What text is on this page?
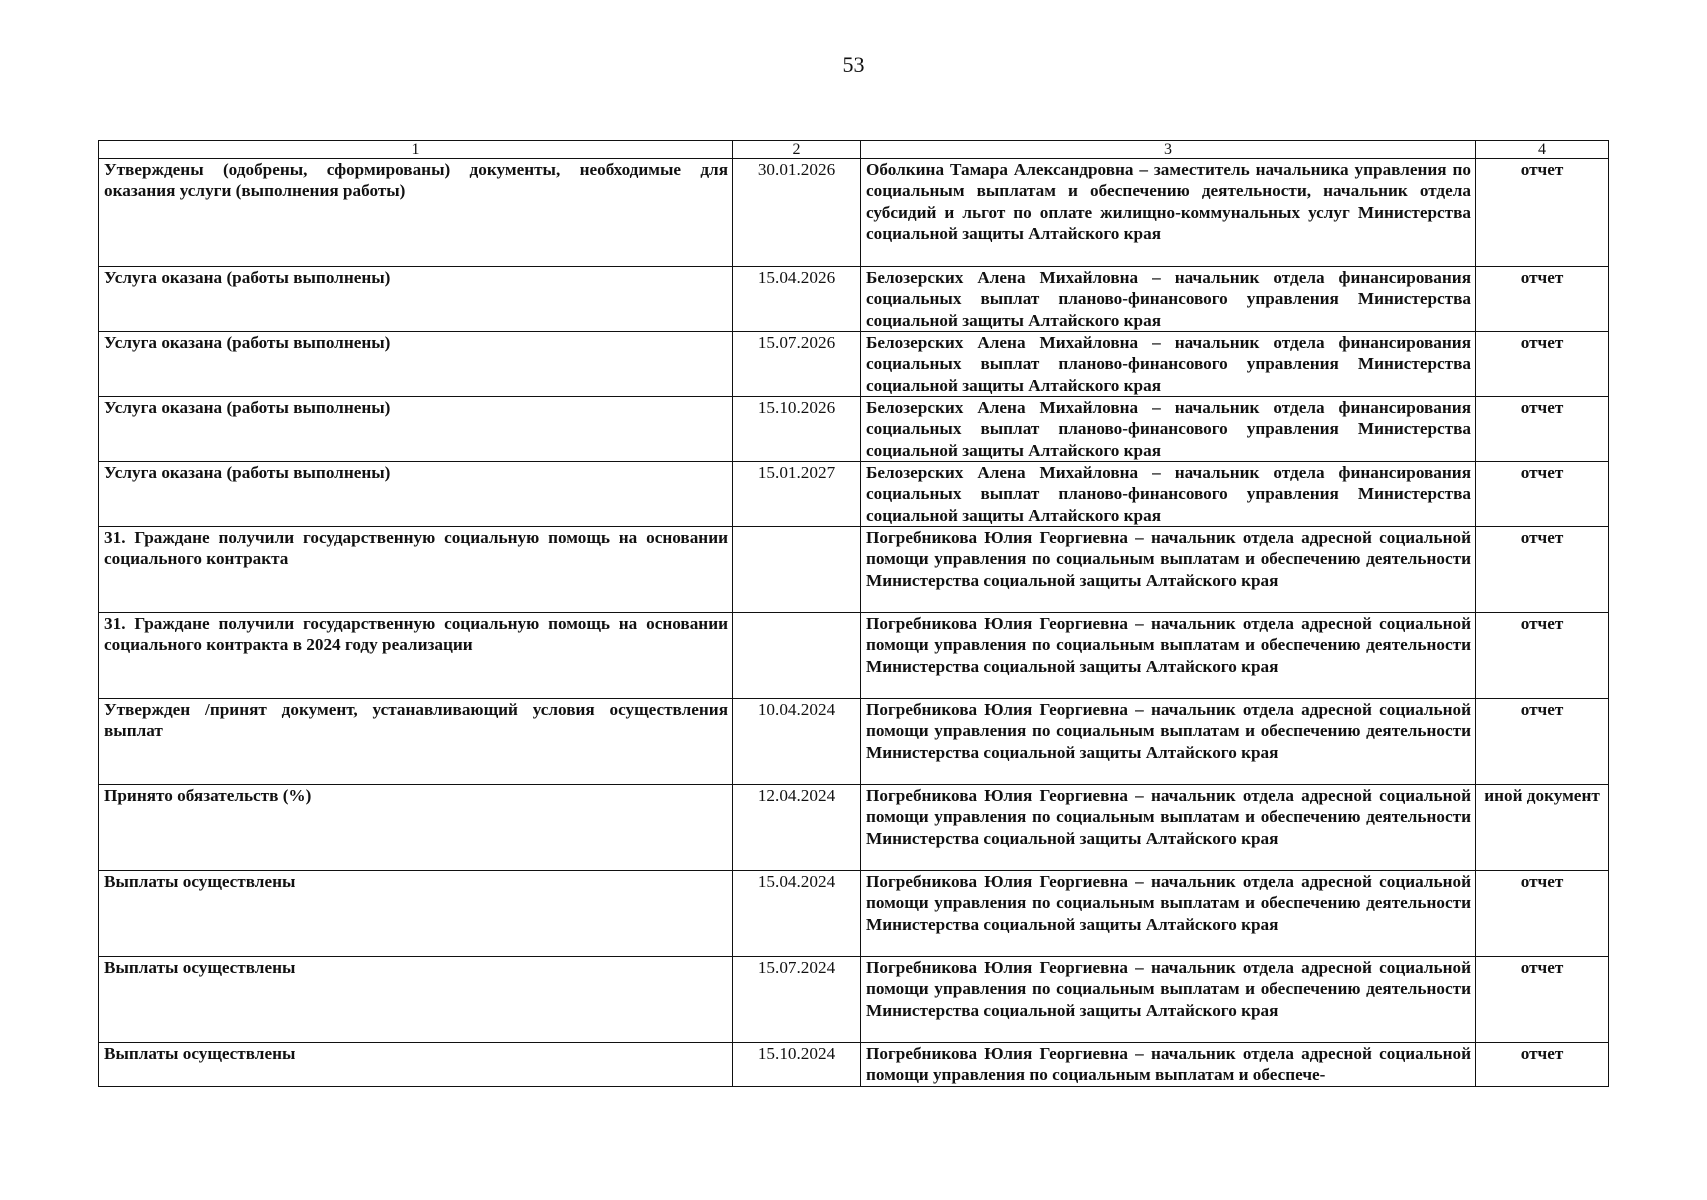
53
1	2	3	4
Утверждены (одобрены, сформированы) документы, необходимые для оказания услуги (выполнения работы)	30.01.2026	Оболкина Тамара Александровна – заместитель начальника управления по социальным выплатам и обеспечению деятельности, начальник отдела субсидий и льгот по оплате жилищно-коммунальных услуг Министерства социальной защиты Алтайского края	отчет
Услуга оказана (работы выполнены)	15.04.2026	Белозерских Алена Михайловна – начальник отдела финансирования социальных выплат планово-финансового управления Министерства социальной защиты Алтайского края	отчет
Услуга оказана (работы выполнены)	15.07.2026	Белозерских Алена Михайловна – начальник отдела финансирования социальных выплат планово-финансового управления Министерства социальной защиты Алтайского края	отчет
Услуга оказана (работы выполнены)	15.10.2026	Белозерских Алена Михайловна – начальник отдела финансирования социальных выплат планово-финансового управления Министерства социальной защиты Алтайского края	отчет
Услуга оказана (работы выполнены)	15.01.2027	Белозерских Алена Михайловна – начальник отдела финансирования социальных выплат планово-финансового управления Министерства социальной защиты Алтайского края	отчет
31. Граждане получили государственную социальную помощь на основании социального контракта		Погребникова Юлия Георгиевна – начальник отдела адресной социальной помощи управления по социальным выплатам и обеспечению деятельности Министерства социальной защиты Алтайского края	отчет
31. Граждане получили государственную социальную помощь на основании социального контракта в 2024 году реализации		Погребникова Юлия Георгиевна – начальник отдела адресной социальной помощи управления по социальным выплатам и обеспечению деятельности Министерства социальной защиты Алтайского края	отчет
Утвержден /принят документ, устанавливающий условия осуществления выплат	10.04.2024	Погребникова Юлия Георгиевна – начальник отдела адресной социальной помощи управления по социальным выплатам и обеспечению деятельности Министерства социальной защиты Алтайского края	отчет
Принято обязательств (%)	12.04.2024	Погребникова Юлия Георгиевна – начальник отдела адресной социальной помощи управления по социальным выплатам и обеспечению деятельности Министерства социальной защиты Алтайского края	иной документ
Выплаты осуществлены	15.04.2024	Погребникова Юлия Георгиевна – начальник отдела адресной социальной помощи управления по социальным выплатам и обеспечению деятельности Министерства социальной защиты Алтайского края	отчет
Выплаты осуществлены	15.07.2024	Погребникова Юлия Георгиевна – начальник отдела адресной социальной помощи управления по социальным выплатам и обеспечению деятельности Министерства социальной защиты Алтайского края	отчет
Выплаты осуществлены	15.10.2024	Погребникова Юлия Георгиевна – начальник отдела адресной социальной помощи управления по социальным выплатам и обеспече-	отчет
